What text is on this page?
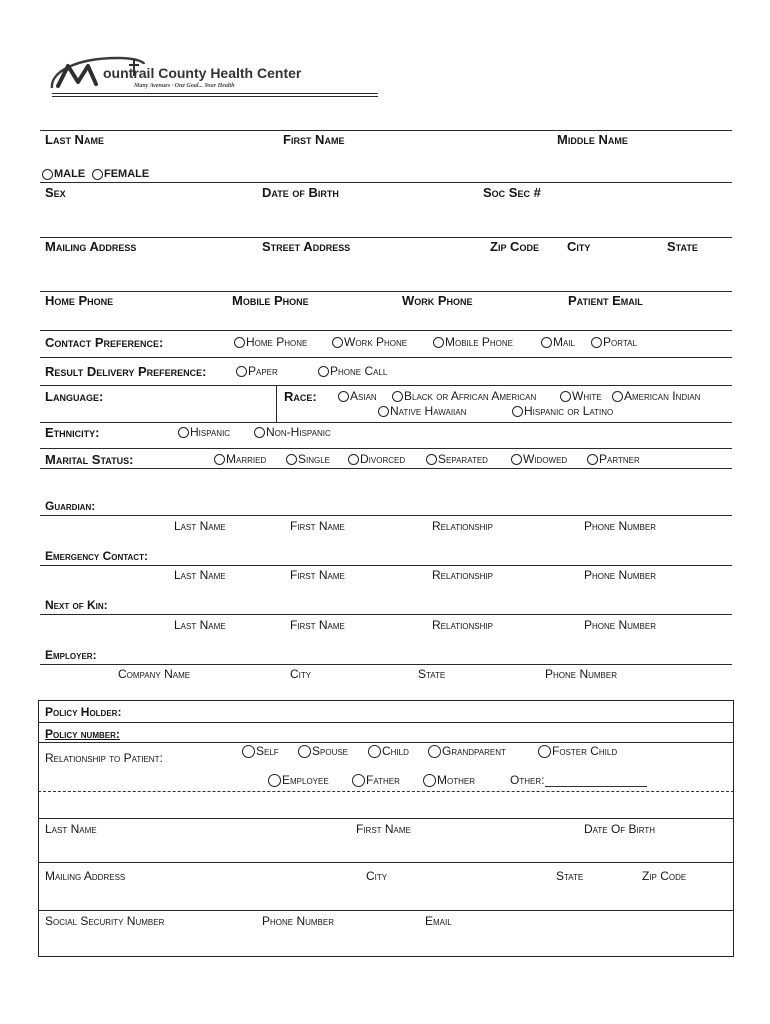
ountrail County Health Center
Many Avenues · One Goal... Your Health
Last Name	First Name	Middle Name
MALE FEMALE
Sex	Date of Birth	Soc Sec #
Mailing Address	Street Address	Zip Code City	State
Home Phone	Mobile Phone	Work Phone	Patient Email
Contact Preference:	Home Phone	Work Phone	Mobile Phone	Mail Portal
Result Delivery Preference:	Paper	Phone Call
Language:	Race:	Asian Black or African American	White American Indian
Native Hawaiian	Hispanic or Latino
Ethnicity:	Hispanic	Non-Hispanic
Marital Status:	Married	Single Divorced	Separated	Widowed	Partner
Guardian:
Last Name	First Name	Relationship	Phone Number
Emergency Contact:
Last Name	First Name	Relationship	Phone Number
Next of Kin:
Last Name	First Name	Relationship	Phone Number
Employer:
Company Name	City	State	Phone Number
Policy Holder:
Policy number:
Relationship to Patient:	Self	Spouse	Child	Grandparent	Foster Child
Employee	Father	Mother	Other:
Last Name	First Name	Date Of Birth
Mailing Address	City	State	Zip Code
Social Security Number	Phone Number	Email
